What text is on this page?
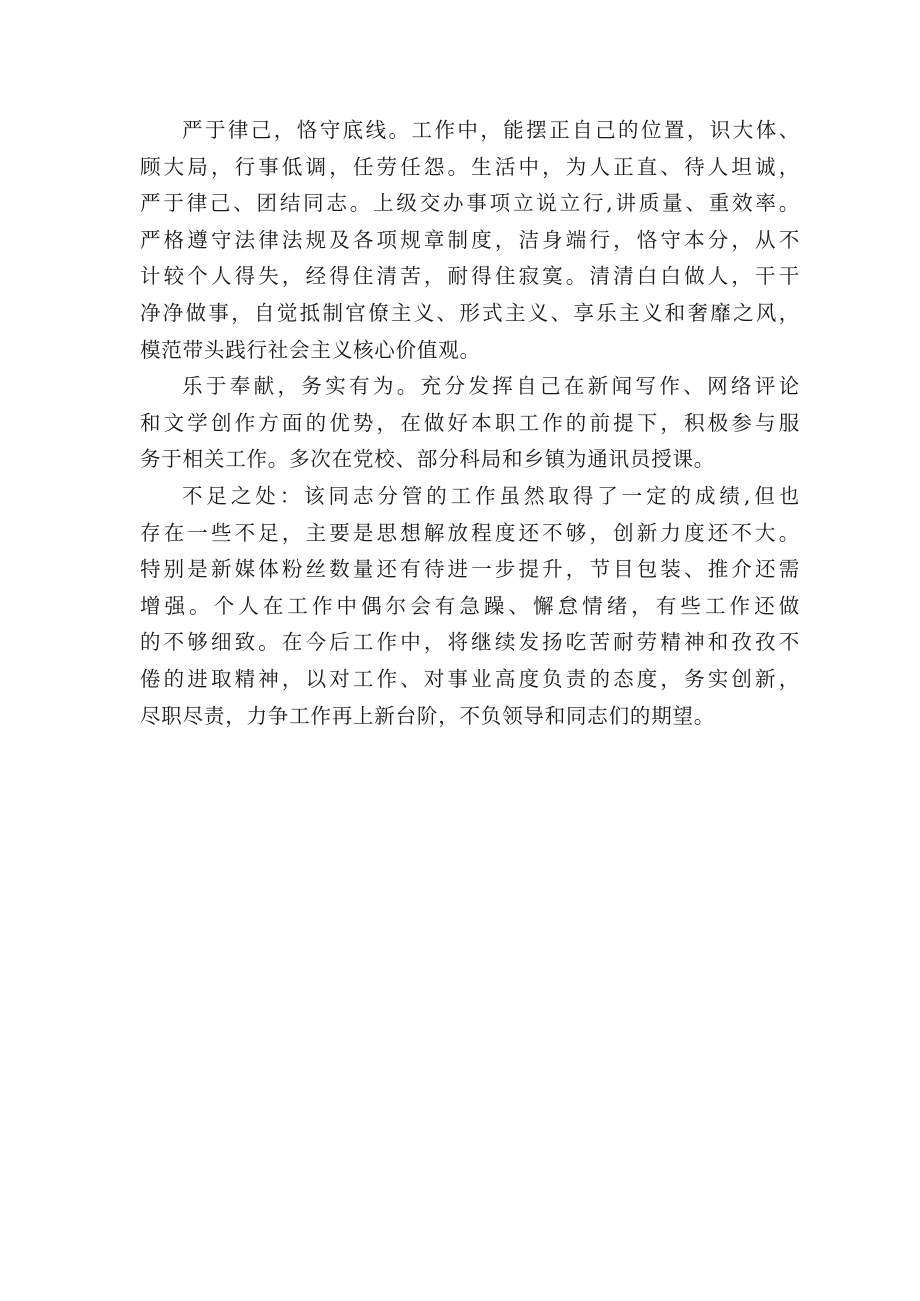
严于律己，恪守底线。工作中，能摆正自己的位置，识大体、
顾大局，行事低调，任劳任怨。生活中，为人正直、待人坦诚，
严于律己、团结同志。上级交办事项立说立行,讲质量、重效率。
严格遵守法律法规及各项规章制度，洁身端行，恪守本分，从不
计较个人得失，经得住清苦，耐得住寂寞。清清白白做人，干干
净净做事，自觉抵制官僚主义、形式主义、享乐主义和奢靡之风，
模范带头践行社会主义核心价值观。
乐于奉献，务实有为。充分发挥自己在新闻写作、网络评论
和文学创作方面的优势，在做好本职工作的前提下，积极参与服
务于相关工作。多次在党校、部分科局和乡镇为通讯员授课。
不足之处：该同志分管的工作虽然取得了一定的成绩,但也
存在一些不足，主要是思想解放程度还不够，创新力度还不大。
特别是新媒体粉丝数量还有待进一步提升，节目包装、推介还需
增强。个人在工作中偶尔会有急躁、懈怠情绪，有些工作还做
的不够细致。在今后工作中，将继续发扬吃苦耐劳精神和孜孜不
倦的进取精神，以对工作、对事业高度负责的态度，务实创新，
尽职尽责，力争工作再上新台阶，不负领导和同志们的期望。
